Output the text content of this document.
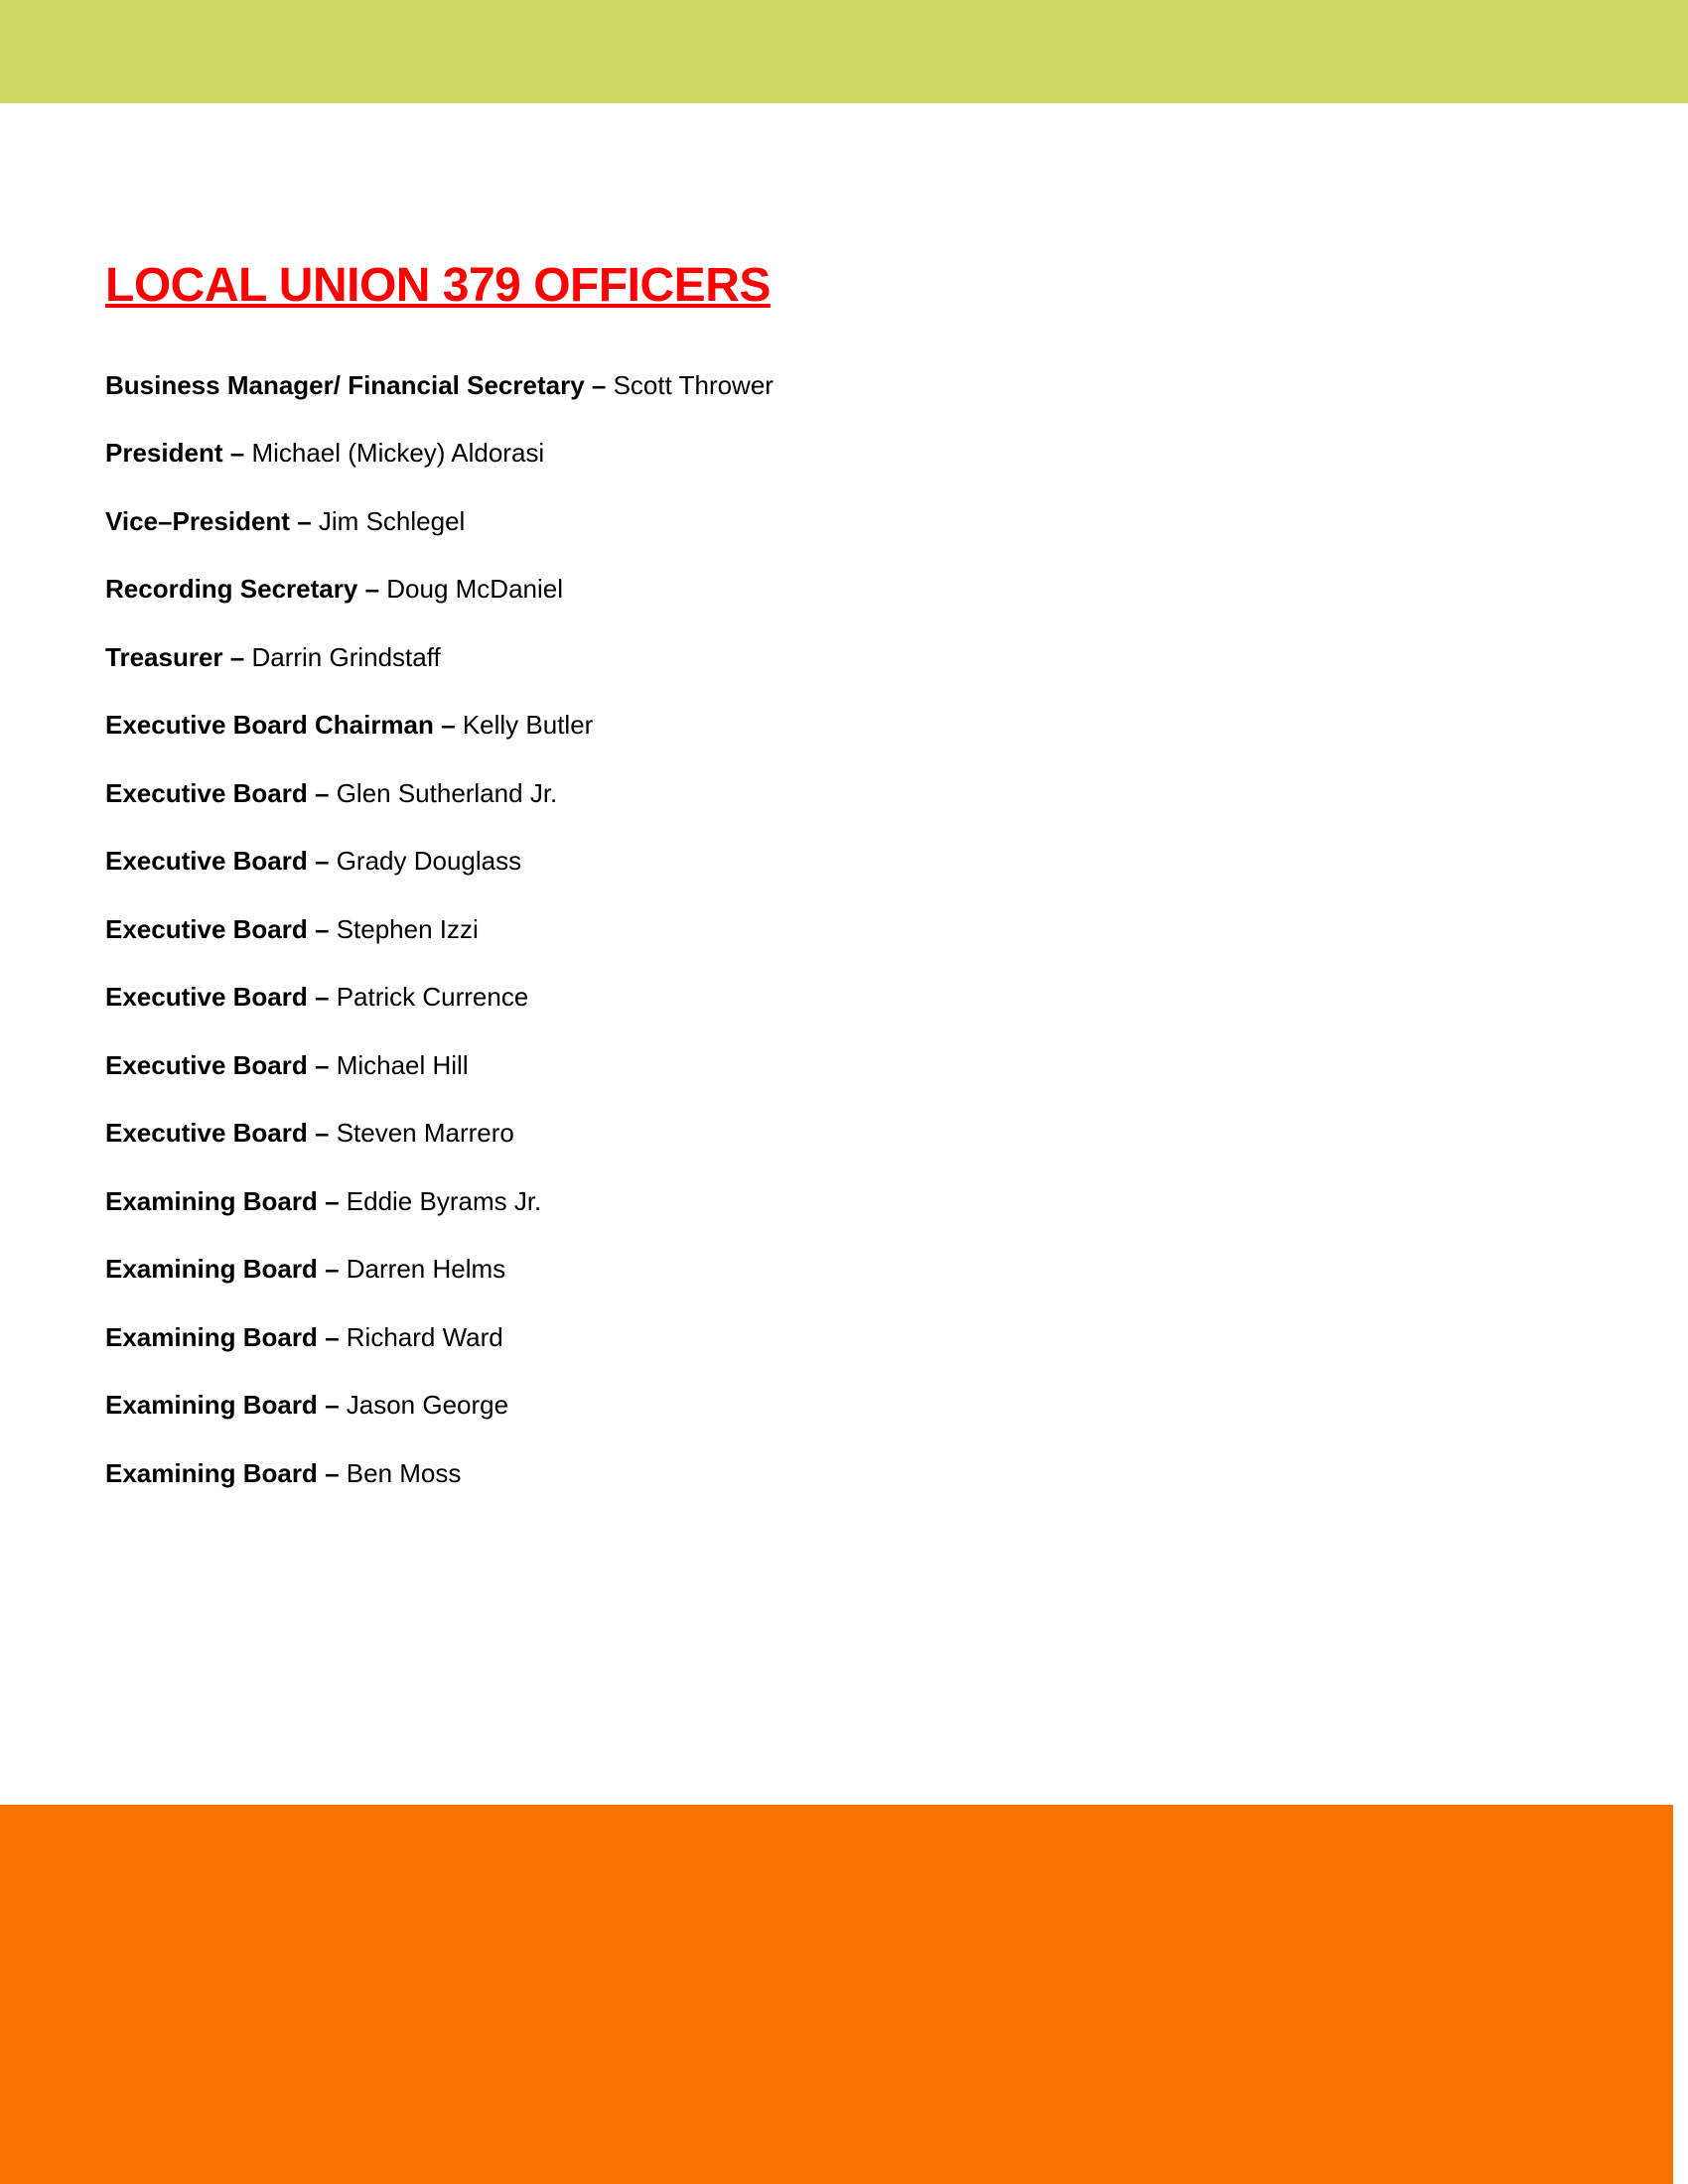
LOCAL UNION 379 OFFICERS
Business Manager/ Financial Secretary – Scott Thrower
President – Michael (Mickey) Aldorasi
Vice–President – Jim Schlegel
Recording Secretary – Doug McDaniel
Treasurer – Darrin Grindstaff
Executive Board Chairman – Kelly Butler
Executive Board – Glen Sutherland Jr.
Executive Board – Grady Douglass
Executive Board – Stephen Izzi
Executive Board – Patrick Currence
Executive Board – Michael Hill
Executive Board – Steven Marrero
Examining Board – Eddie Byrams Jr.
Examining Board – Darren Helms
Examining Board – Richard Ward
Examining Board – Jason George
Examining Board – Ben Moss
